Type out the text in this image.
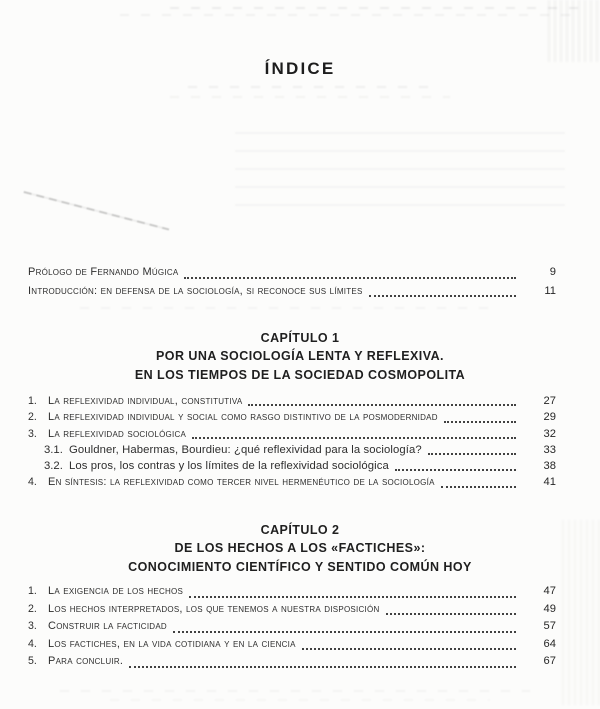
ÍNDICE
Prólogo de Fernando Múgica	9
Introducción: en defensa de la sociología, si reconoce sus límites	11
CAPÍTULO 1
POR UNA SOCIOLOGÍA LENTA Y REFLEXIVA.
EN LOS TIEMPOS DE LA SOCIEDAD COSMOPOLITA
1.	La reflexividad individual, constitutiva	27
2.	La reflexividad individual y social como rasgo distintivo de la posmodernidad	29
3.	La reflexividad sociológica	32
3.1. Gouldner, Habermas, Bourdieu: ¿qué reflexividad para la sociología?	33
3.2. Los pros, los contras y los límites de la reflexividad sociológica	38
4.	En síntesis: la reflexividad como tercer nivel hermenéutico de la sociología	41
CAPÍTULO 2
DE LOS HECHOS A LOS «FACTICHES»:
CONOCIMIENTO CIENTÍFICO Y SENTIDO COMÚN HOY
1.	La exigencia de los hechos	47
2.	Los hechos interpretados, los que tenemos a nuestra disposición	49
3.	Construir la facticidad	57
4.	Los factiches, en la vida cotidiana y en la ciencia	64
5.	Para concluir.	67
